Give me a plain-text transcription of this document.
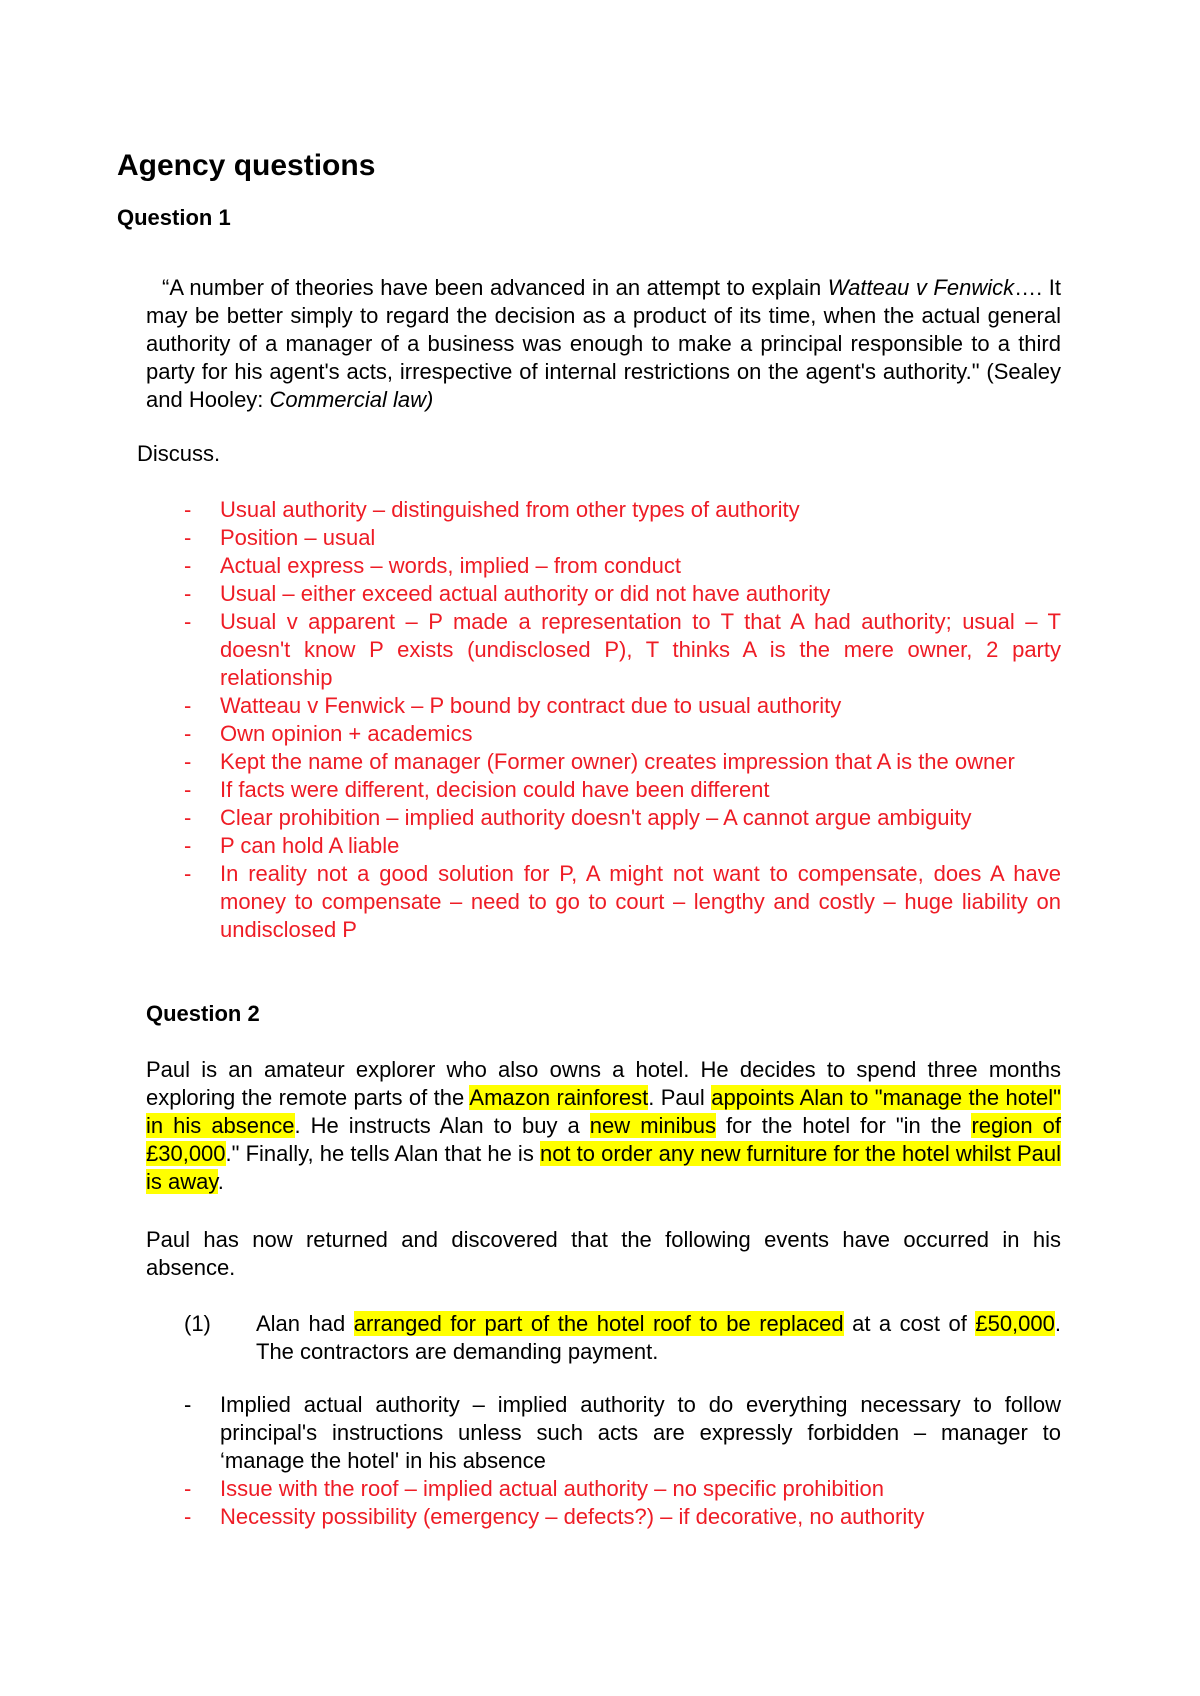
Agency questions
Question 1
“A number of theories have been advanced in an attempt to explain Watteau v Fenwick…. It may be better simply to regard the decision as a product of its time, when the actual general authority of a manager of a business was enough to make a principal responsible to a third party for his agent's acts, irrespective of internal restrictions on the agent's authority." (Sealey and Hooley: Commercial law)
Discuss.
- Usual authority – distinguished from other types of authority
- Position – usual
- Actual express – words, implied – from conduct
- Usual – either exceed actual authority or did not have authority
- Usual v apparent – P made a representation to T that A had authority; usual – T doesn't know P exists (undisclosed P), T thinks A is the mere owner, 2 party relationship
- Watteau v Fenwick – P bound by contract due to usual authority
- Own opinion + academics
- Kept the name of manager (Former owner) creates impression that A is the owner
- If facts were different, decision could have been different
- Clear prohibition – implied authority doesn't apply – A cannot argue ambiguity
- P can hold A liable
- In reality not a good solution for P, A might not want to compensate, does A have money to compensate – need to go to court – lengthy and costly – huge liability on undisclosed P
Question 2
Paul is an amateur explorer who also owns a hotel. He decides to spend three months exploring the remote parts of the Amazon rainforest. Paul appoints Alan to "manage the hotel" in his absence. He instructs Alan to buy a new minibus for the hotel for "in the region of £30,000." Finally, he tells Alan that he is not to order any new furniture for the hotel whilst Paul is away.
Paul has now returned and discovered that the following events have occurred in his absence.
(1) Alan had arranged for part of the hotel roof to be replaced at a cost of £50,000. The contractors are demanding payment.
- Implied actual authority – implied authority to do everything necessary to follow principal's instructions unless such acts are expressly forbidden – manager to ‘manage the hotel' in his absence
- Issue with the roof – implied actual authority – no specific prohibition
- Necessity possibility (emergency – defects?) – if decorative, no authority
